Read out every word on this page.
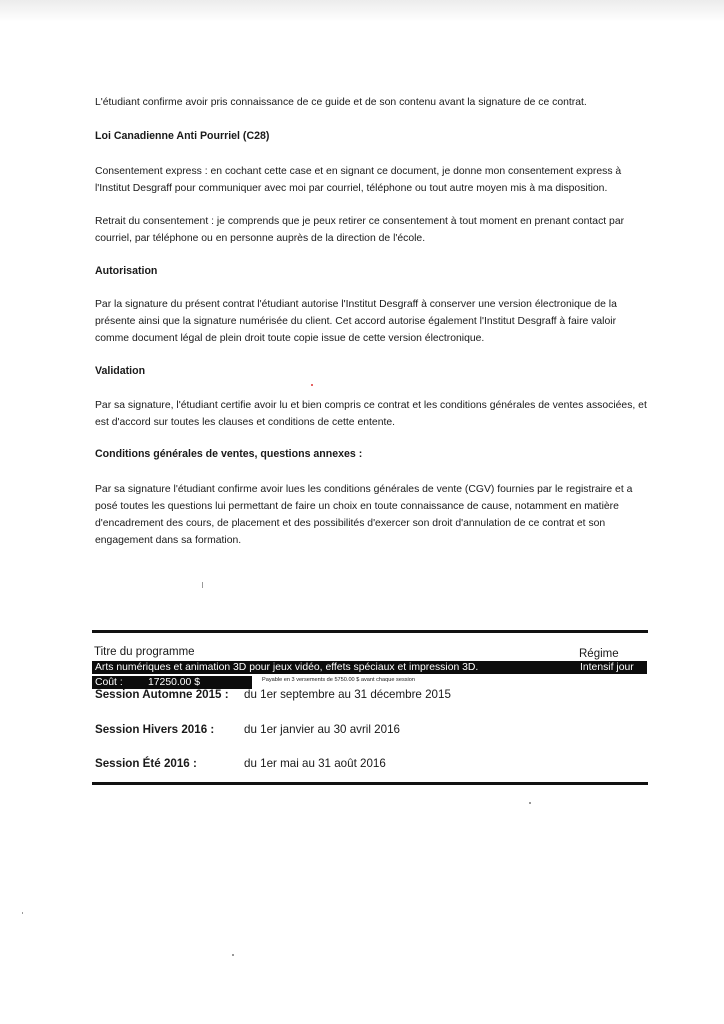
L'étudiant confirme avoir pris connaissance de ce guide et de son contenu avant la signature de ce contrat.

Loi Canadienne Anti Pourriel (C28)

Consentement express : en cochant cette case et en signant ce document, je donne mon consentement express à

l'Institut Desgraff pour communiquer avec moi par courriel, téléphone ou tout autre moyen mis à ma disposition.

Retrait du consentement : je comprends que je peux retirer ce consentement à tout moment en prenant contact par

courriel, par téléphone ou en personne auprès de la direction de l'école.

Autorisation

Par la signature du présent contrat l'étudiant autorise l'Institut Desgraff à conserver une version électronique de la

présente ainsi que la signature numérisée du client. Cet accord autorise également l'Institut Desgraff à faire valoir

comme document légal de plein droit toute copie issue de cette version électronique.

Validation

Par sa signature, l'étudiant certifie avoir lu et bien compris ce contrat et les conditions générales de ventes associées, et

est d'accord sur toutes les clauses et conditions de cette entente.

Conditions générales de ventes, questions annexes :

Par sa signature l'étudiant confirme avoir lues les conditions générales de vente (CGV) fournies par le registraire et a

posé toutes les questions lui permettant de faire un choix en toute connaissance de cause, notamment en matière

d'encadrement des cours, de placement et des possibilités d'exercer son droit d'annulation de ce contrat et son

engagement dans sa formation.

Titre du programme	Régime
Arts numériques et animation 3D pour jeux vidéo, effets spéciaux et impression 3D.	Intensif jour
Coût : 17250.00 $	Payable en 3 versements de 5750.00 $ avant chaque session
Session Automne 2015 : du 1er septembre au 31 décembre 2015
Session Hivers 2016 :	du 1er janvier au 30 avril 2016
Session Été 2016 :	du 1er mai au 31 août 2016
